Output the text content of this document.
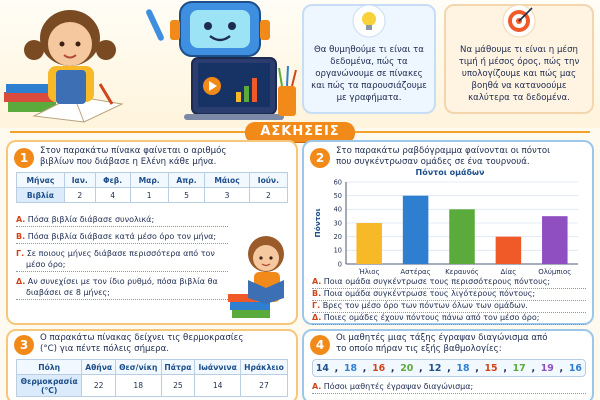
Θα θυμηθούμε τι είναι τα δεδομένα, πώς τα οργανώνουμε σε πίνακες και πώς τα παρουσιάζουμε με γραφήματα.
Να μάθουμε τι είναι η μέση τιμή ή μέσος όρος, πώς την υπολογίζουμε και πώς μας βοηθά να κατανοούμε καλύτερα τα δεδομένα.
ΑΣΚΗΣΕΙΣ
1	Στον παρακάτω πίνακα φαίνεται ο αριθμός
βιβλίων που διάβασε η Ελένη κάθε μήνα.
Μήνας	Ιαν.	Φεβ.	Μαρ.	Απρ.	Μάιος	Ιούν.
Βιβλία	2	4	1	5	3	2
Α. Πόσα βιβλία διάβασε συνολικά;
Β. Πόσα βιβλία διάβασε κατά μέσο όρο τον μήνα;
Γ. Σε ποιους μήνες διάβασε περισσότερα από τον
μέσο όρο;
Δ. Αν συνεχίσει με τον ίδιο ρυθμό, πόσα βιβλία θα
διαβάσει σε 8 μήνες;
2	Στο παρακάτω ραβδόγραμμα φαίνονται οι πόντοι
που συγκέντρωσαν ομάδες σε ένα τουρνουά.
Πόντοι ομάδων
Πόντοι
0
10
20
30
40
50
60
Ήλιος	Αστέρας Κεραυνός	Δίας	Ολύμπιος
Α. Ποια ομάδα συγκέντρωσε τους περισσότερους πόντους;
Β. Ποια ομάδα συγκέντρωσε τους λιγότερους πόντους;
Γ. Βρες τον μέσο όρο των πόντων όλων των ομάδων.
Δ. Ποιες ομάδες έχουν πόντους πάνω από τον μέσο όρο;
3	Ο παρακάτω πίνακας δείχνει τις θερμοκρασίες
(°C) για πέντε πόλεις σήμερα.
Πόλη	Αθήνα	Θεσ/νίκη	Πάτρα	Ιωάννινα	Ηράκλειο

Θερμοκρασία
(°C)	22	18	25	14	27
4	Οι μαθητές μιας τάξης έγραψαν διαγώνισμα από
το οποίο πήραν τις εξής βαθμολογίες:
14 , 18 , 16 , 20 , 12 , 18 , 15 , 17 , 19 , 16
Α. Πόσοι μαθητές έγραψαν διαγώνισμα;
